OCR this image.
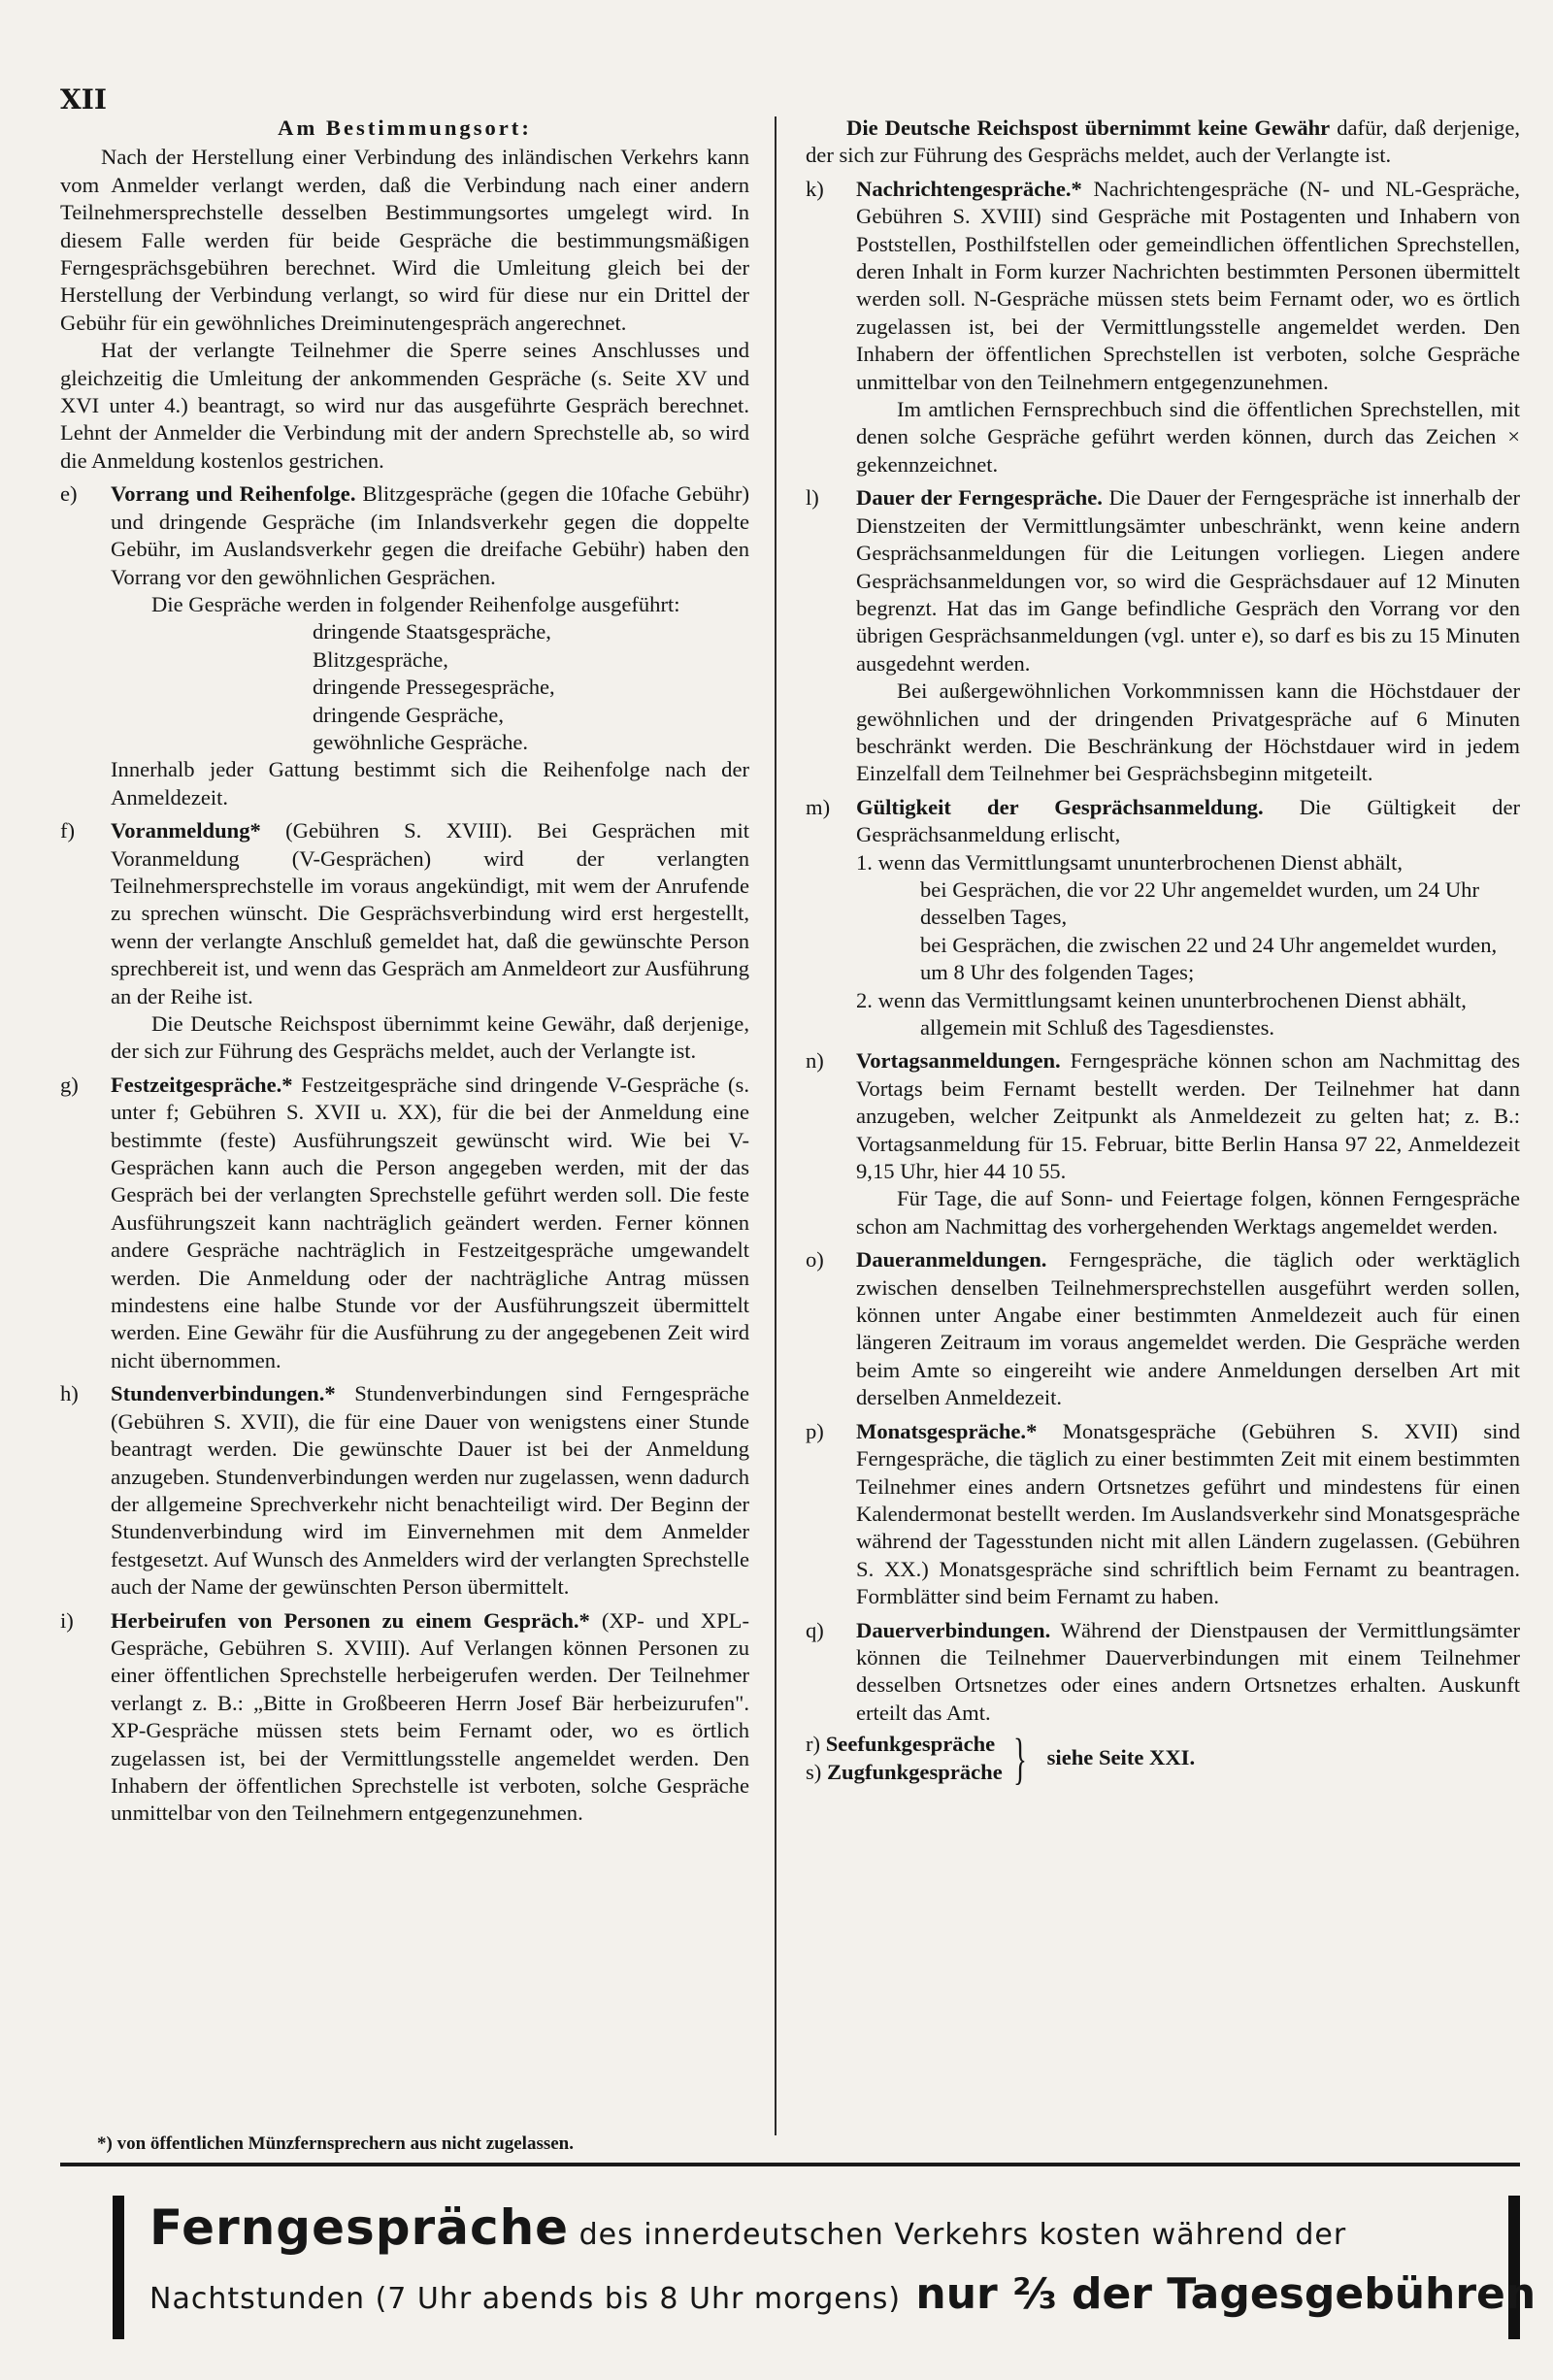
XII

Am Bestimmungsort:

Nach der Herstellung einer Verbindung des inländischen Verkehrs kann vom Anmelder verlangt werden, daß die Verbindung nach einer andern Teilnehmersprechstelle desselben Bestimmungsortes umgelegt wird. In diesem Falle werden für beide Gespräche die bestimmungsmäßigen Ferngesprächsgebühren berechnet. Wird die Umleitung gleich bei der Herstellung der Verbindung verlangt, so wird für diese nur ein Drittel der Gebühr für ein gewöhnliches Dreiminutengespräch angerechnet.

Hat der verlangte Teilnehmer die Sperre seines Anschlusses und gleichzeitig die Umleitung der ankommenden Gespräche (s. Seite XV und XVI unter 4.) beantragt, so wird nur das ausgeführte Gespräch berechnet. Lehnt der Anmelder die Verbindung mit der andern Sprechstelle ab, so wird die Anmeldung kostenlos gestrichen.

e) Vorrang und Reihenfolge. Blitzgespräche (gegen die 10fache Gebühr) und dringende Gespräche (im Inlandsverkehr gegen die doppelte Gebühr, im Auslandsverkehr gegen die dreifache Gebühr) haben den Vorrang vor den gewöhnlichen Gesprächen.

Die Gespräche werden in folgender Reihenfolge ausgeführt:

dringende Staatsgespräche,
Blitzgespräche,
dringende Pressegespräche,
dringende Gespräche,
gewöhnliche Gespräche.

Innerhalb jeder Gattung bestimmt sich die Reihenfolge nach der Anmeldezeit.

f) Voranmeldung* (Gebühren S. XVIII). Bei Gesprächen mit Voranmeldung (V-Gesprächen) wird der verlangten Teilnehmersprechstelle im voraus angekündigt, mit wem der Anrufende zu sprechen wünscht. Die Gesprächsverbindung wird erst hergestellt, wenn der verlangte Anschluß gemeldet hat, daß die gewünschte Person sprechbereit ist, und wenn das Gespräch am Anmeldeort zur Ausführung an der Reihe ist.

Die Deutsche Reichspost übernimmt keine Gewähr, daß derjenige, der sich zur Führung des Gesprächs meldet, auch der Verlangte ist.

g) Festzeitgespräche.* Festzeitgespräche sind dringende V-Gespräche (s. unter f; Gebühren S. XVII u. XX), für die bei der Anmeldung eine bestimmte (feste) Ausführungszeit gewünscht wird. Wie bei V-Gesprächen kann auch die Person angegeben werden, mit der das Gespräch bei der verlangten Sprechstelle geführt werden soll. Die feste Ausführungszeit kann nachträglich geändert werden. Ferner können andere Gespräche nachträglich in Festzeitgespräche umgewandelt werden. Die Anmeldung oder der nachträgliche Antrag müssen mindestens eine halbe Stunde vor der Ausführungszeit übermittelt werden. Eine Gewähr für die Ausführung zu der angegebenen Zeit wird nicht übernommen.

h) Stundenverbindungen.* Stundenverbindungen sind Ferngespräche (Gebühren S. XVII), die für eine Dauer von wenigstens einer Stunde beantragt werden. Die gewünschte Dauer ist bei der Anmeldung anzugeben. Stundenverbindungen werden nur zugelassen, wenn dadurch der allgemeine Sprechverkehr nicht benachteiligt wird. Der Beginn der Stundenverbindung wird im Einvernehmen mit dem Anmelder festgesetzt. Auf Wunsch des Anmelders wird der verlangten Sprechstelle auch der Name der gewünschten Person übermittelt.

i) Herbeirufen von Personen zu einem Gespräch.* (XP- und XPL-Gespräche, Gebühren S. XVIII). Auf Verlangen können Personen zu einer öffentlichen Sprechstelle herbeigerufen werden. Der Teilnehmer verlangt z. B.: „Bitte in Großbeeren Herrn Josef Bär herbeizurufen". XP-Gespräche müssen stets beim Fernamt oder, wo es örtlich zugelassen ist, bei der Vermittlungsstelle angemeldet werden. Den Inhabern der öffentlichen Sprechstelle ist verboten, solche Gespräche unmittelbar von den Teilnehmern entgegenzunehmen.

Die Deutsche Reichspost übernimmt keine Gewähr dafür, daß derjenige, der sich zur Führung des Gesprächs meldet, auch der Verlangte ist.

k) Nachrichtengespräche.* Nachrichtengespräche (N- und NL-Gespräche, Gebühren S. XVIII) sind Gespräche mit Postagenten und Inhabern von Poststellen, Posthilfstellen oder gemeindlichen öffentlichen Sprechstellen, deren Inhalt in Form kurzer Nachrichten bestimmten Personen übermittelt werden soll. N-Gespräche müssen stets beim Fernamt oder, wo es örtlich zugelassen ist, bei der Vermittlungsstelle angemeldet werden. Den Inhabern der öffentlichen Sprechstellen ist verboten, solche Gespräche unmittelbar von den Teilnehmern entgegenzunehmen.

Im amtlichen Fernsprechbuch sind die öffentlichen Sprechstellen, mit denen solche Gespräche geführt werden können, durch das Zeichen × gekennzeichnet.

l) Dauer der Ferngespräche. Die Dauer der Ferngespräche ist innerhalb der Dienstzeiten der Vermittlungsämter unbeschränkt, wenn keine andern Gesprächsanmeldungen für die Leitungen vorliegen. Liegen andere Gesprächsanmeldungen vor, so wird die Gesprächsdauer auf 12 Minuten begrenzt. Hat das im Gange befindliche Gespräch den Vorrang vor den übrigen Gesprächsanmeldungen (vgl. unter e), so darf es bis zu 15 Minuten ausgedehnt werden.

Bei außergewöhnlichen Vorkommnissen kann die Höchstdauer der gewöhnlichen und der dringenden Privatgespräche auf 6 Minuten beschränkt werden. Die Beschränkung der Höchstdauer wird in jedem Einzelfall dem Teilnehmer bei Gesprächsbeginn mitgeteilt.

m) Gültigkeit der Gesprächsanmeldung. Die Gültigkeit der Gesprächsanmeldung erlischt,

1. wenn das Vermittlungsamt ununterbrochenen Dienst abhält,

bei Gesprächen, die vor 22 Uhr angemeldet wurden, um 24 Uhr desselben Tages,

bei Gesprächen, die zwischen 22 und 24 Uhr angemeldet wurden, um 8 Uhr des folgenden Tages;

2. wenn das Vermittlungsamt keinen ununterbrochenen Dienst abhält,

allgemein mit Schluß des Tagesdienstes.

n) Vortagsanmeldungen. Ferngespräche können schon am Nachmittag des Vortags beim Fernamt bestellt werden. Der Teilnehmer hat dann anzugeben, welcher Zeitpunkt als Anmeldezeit zu gelten hat; z. B.: Vortagsanmeldung für 15. Februar, bitte Berlin Hansa 97 22, Anmeldezeit 9,15 Uhr, hier 44 10 55.

Für Tage, die auf Sonn- und Feiertage folgen, können Ferngespräche schon am Nachmittag des vorhergehenden Werktags angemeldet werden.

o) Daueranmeldungen. Ferngespräche, die täglich oder werktäglich zwischen denselben Teilnehmersprechstellen ausgeführt werden sollen, können unter Angabe einer bestimmten Anmeldezeit auch für einen längeren Zeitraum im voraus angemeldet werden. Die Gespräche werden beim Amte so eingereiht wie andere Anmeldungen derselben Art mit derselben Anmeldezeit.

p) Monatsgespräche.* Monatsgespräche (Gebühren S. XVII) sind Ferngespräche, die täglich zu einer bestimmten Zeit mit einem bestimmten Teilnehmer eines andern Ortsnetzes geführt und mindestens für einen Kalendermonat bestellt werden. Im Auslandsverkehr sind Monatsgespräche während der Tagesstunden nicht mit allen Ländern zugelassen. (Gebühren S. XX.) Monatsgespräche sind schriftlich beim Fernamt zu beantragen. Formblätter sind beim Fernamt zu haben.

q) Dauerverbindungen. Während der Dienstpausen der Vermittlungsämter können die Teilnehmer Dauerverbindungen mit einem Teilnehmer desselben Ortsnetzes oder eines andern Ortsnetzes erhalten. Auskunft erteilt das Amt.

r) Seefunkgespräche
s) Zugfunkgespräche } siehe Seite XXI.
*) von öffentlichen Münzfernsprechern aus nicht zugelassen.
Ferngespräche des innerdeutschen Verkehrs kosten während der
Nachtstunden (7 Uhr abends bis 8 Uhr morgens) nur ⅔ der Tagesgebühren
